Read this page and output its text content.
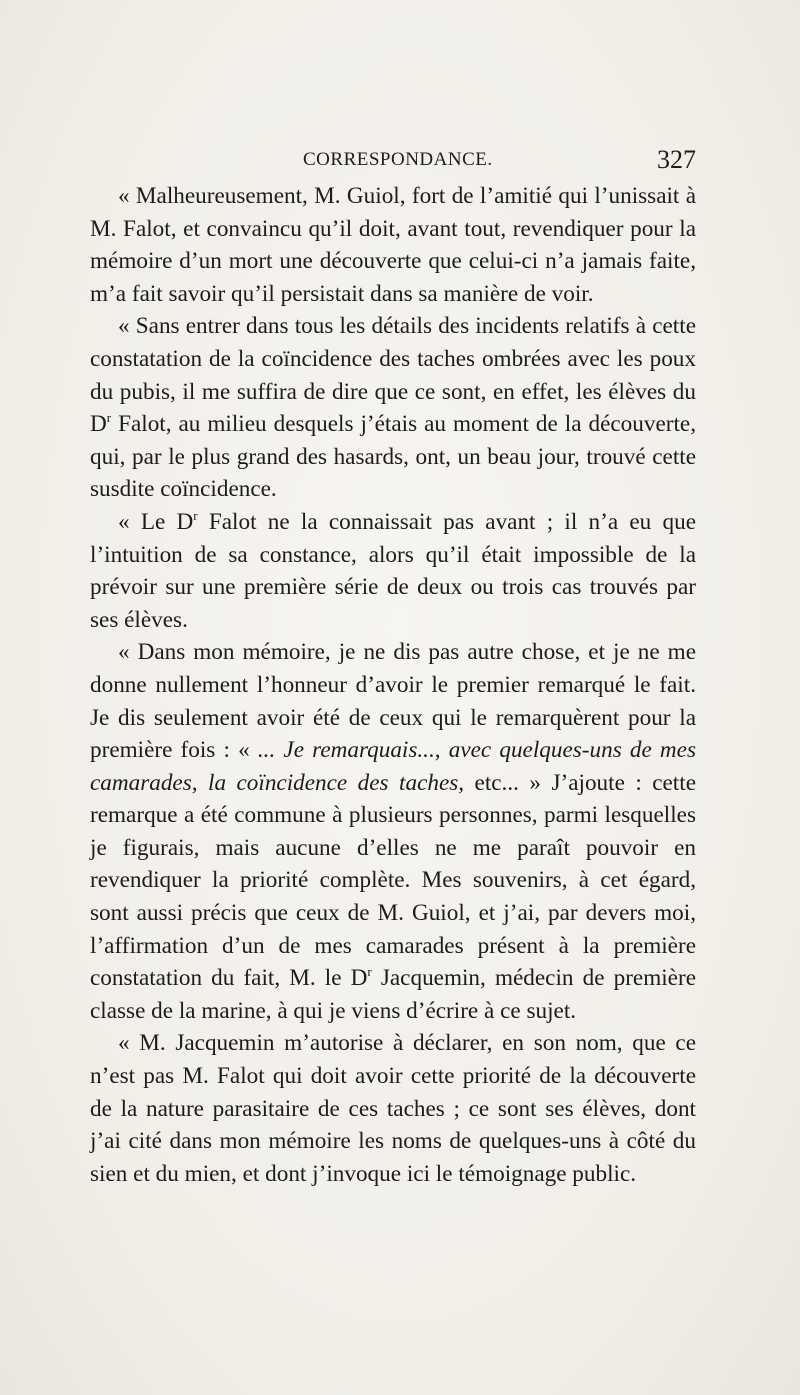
CORRESPONDANCE.	327

« Malheureusement, M. Guiol, fort de l’amitié qui l’unissait à M. Falot, et convaincu qu’il doit, avant tout, revendiquer pour la mémoire d’un mort une découverte que celui-ci n’a jamais faite, m’a fait savoir qu’il persistait dans sa manière de voir.

« Sans entrer dans tous les détails des incidents relatifs à cette constatation de la coïncidence des taches ombrées avec les poux du pubis, il me suffira de dire que ce sont, en effet, les élèves du $D^r$ Falot, au milieu desquels j’étais au moment de la découverte, qui, par le plus grand des hasards, ont, un beau jour, trouvé cette susdite coïncidence.

« Le $D^r$ Falot ne la connaissait pas avant ; il n’a eu que l’intuition de sa constance, alors qu’il était impossible de la prévoir sur une première série de deux ou trois cas trouvés par ses élèves.

« Dans mon mémoire, je ne dis pas autre chose, et je ne me donne nullement l’honneur d’avoir le premier remarqué le fait. Je dis seulement avoir été de ceux qui le remarquèrent pour la première fois : « ... Je remarquais..., avec quelques-uns de mes camarades, la coïncidence des taches, etc... » J’ajoute : cette remarque a été commune à plusieurs personnes, parmi lesquelles je figurais, mais aucune d’elles ne me paraît pouvoir en revendiquer la priorité complète. Mes souvenirs, à cet égard, sont aussi précis que ceux de M. Guiol, et j’ai, par devers moi, l’affirmation d’un de mes camarades présent à la première constatation du fait, M. le $D^r$ Jacquemin, médecin de première classe de la marine, à qui je viens d’écrire à ce sujet.

« M. Jacquemin m’autorise à déclarer, en son nom, que ce n’est pas M. Falot qui doit avoir cette priorité de la découverte de la nature parasitaire de ces taches ; ce sont ses élèves, dont j’ai cité dans mon mémoire les noms de quelques-uns à côté du sien et du mien, et dont j’invoque ici le témoignage public.
